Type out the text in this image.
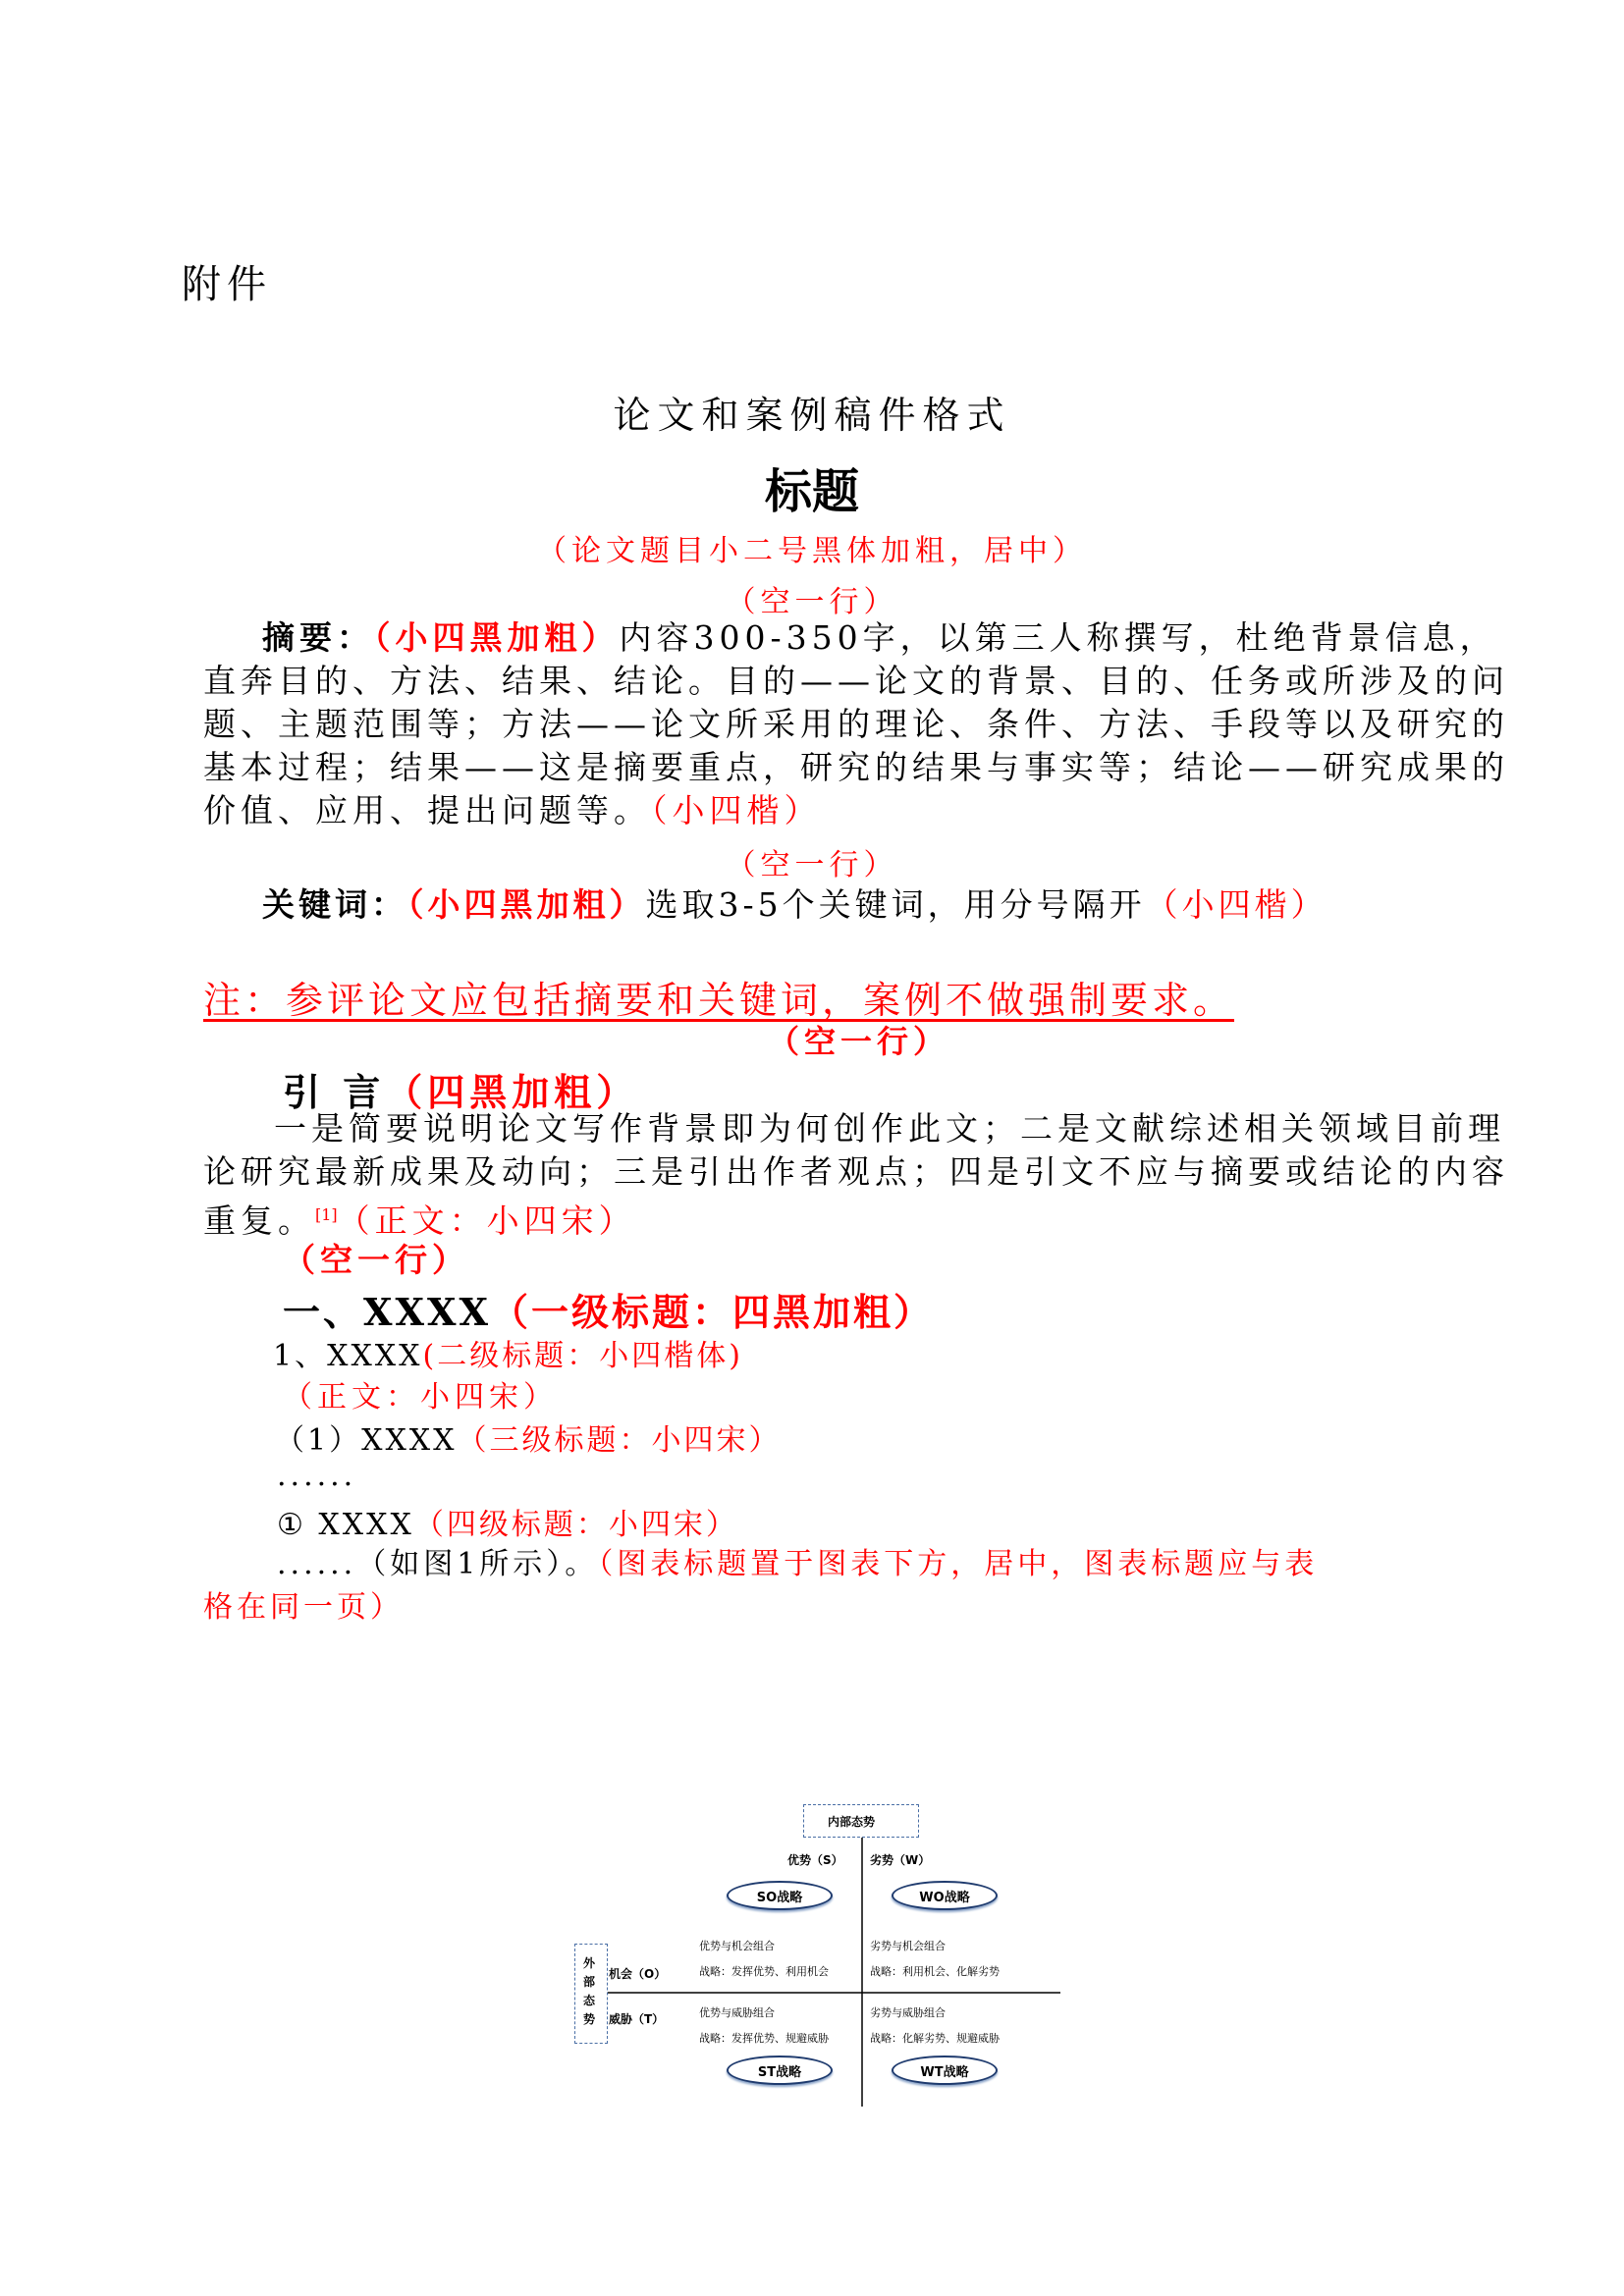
附件
论文和案例稿件格式
标题
（论文题目小二号黑体加粗，居中）
（空一行）
摘要：（小四黑加粗）内容300-350字，以第三人称撰写，杜绝背景信息，
直奔目的、方法、结果、结论。目的——论文的背景、目的、任务或所涉及的问
题、主题范围等；方法——论文所采用的理论、条件、方法、手段等以及研究的
基本过程；结果——这是摘要重点，研究的结果与事实等；结论——研究成果的
价值、应用、提出问题等。（小四楷）
（空一行）
关键词：（小四黑加粗）选取3-5个关键词，用分号隔开（小四楷）
注：参评论文应包括摘要和关键词，案例不做强制要求。
（空一行）
引 言（四黑加粗）
一是简要说明论文写作背景即为何创作此文；二是文献综述相关领域目前理
论研究最新成果及动向；三是引出作者观点；四是引文不应与摘要或结论的内容
重复。[1]（正文：小四宋）
（空一行）
一、XXXX（一级标题：四黑加粗）
1、XXXX(二级标题：小四楷体)
（正文：小四宋）
（1）XXXX（三级标题：小四宋）
......
① XXXX（四级标题：小四宋）
......（如图1所示）。（图表标题置于图表下方，居中，图表标题应与表
格在同一页）
内部态势
外部态势
优势（S） 劣势（W）
机会（O）
威胁（T）
SO战略	WO战略
ST战略	WT战略
优势与机会组合
战略：发挥优势、利用机会
劣势与机会组合
战略：利用机会、化解劣势
优势与威胁组合
战略：发挥优势、规避威胁
劣势与威胁组合
战略：化解劣势、规避威胁
